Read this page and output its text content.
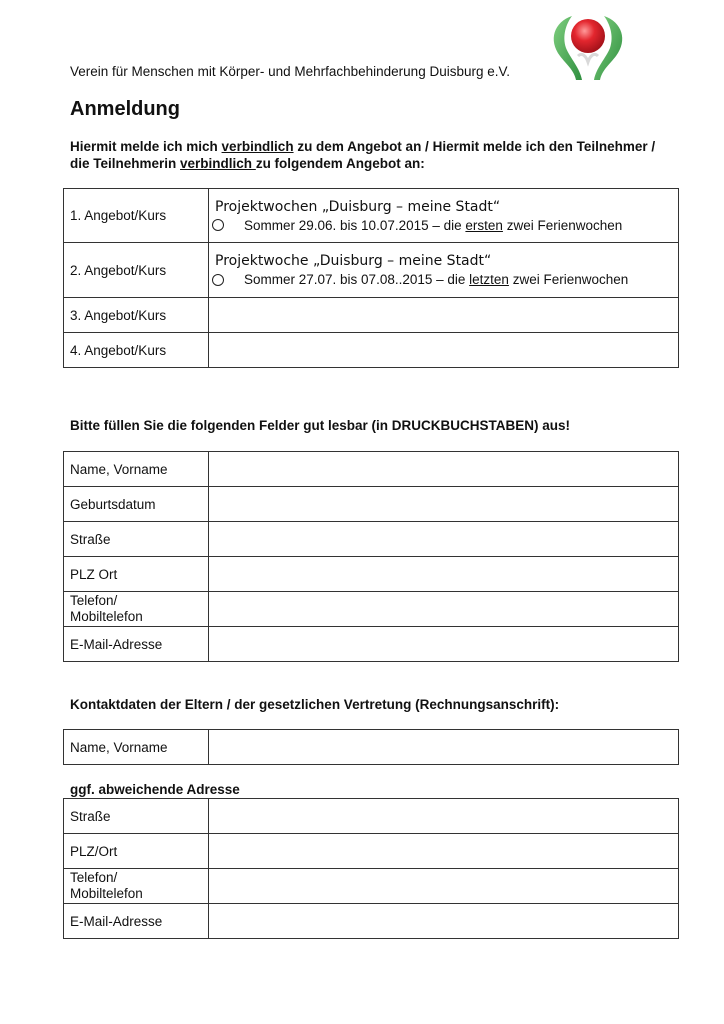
Verein für Menschen mit Körper- und Mehrfachbehinderung Duisburg e.V.
Anmeldung
Hiermit melde ich mich verbindlich zu dem Angebot an / Hiermit melde ich den Teilnehmer / die Teilnehmerin verbindlich zu folgendem Angebot an:
1. Angebot/Kurs	Projektwochen „Duisburg – meine Stadt“
Sommer 29.06. bis 10.07.2015 – die ersten zwei Ferienwochen

2. Angebot/Kurs	Projektwoche „Duisburg – meine Stadt“
Sommer 27.07. bis 07.08..2015 – die letzten zwei Ferienwochen

3. Angebot/Kurs	
4. Angebot/Kurs	
Bitte füllen Sie die folgenden Felder gut lesbar (in DRUCKBUCHSTABEN) aus!
Name, Vorname	
Geburtsdatum	
Straße	
PLZ Ort	

Telefon/
Mobiltelefon	

E-Mail-Adresse	
Kontaktdaten der Eltern / der gesetzlichen Vertretung (Rechnungsanschrift):
Name, Vorname	
ggf. abweichende Adresse
Straße	
PLZ/Ort	

Telefon/
Mobiltelefon	

E-Mail-Adresse	
